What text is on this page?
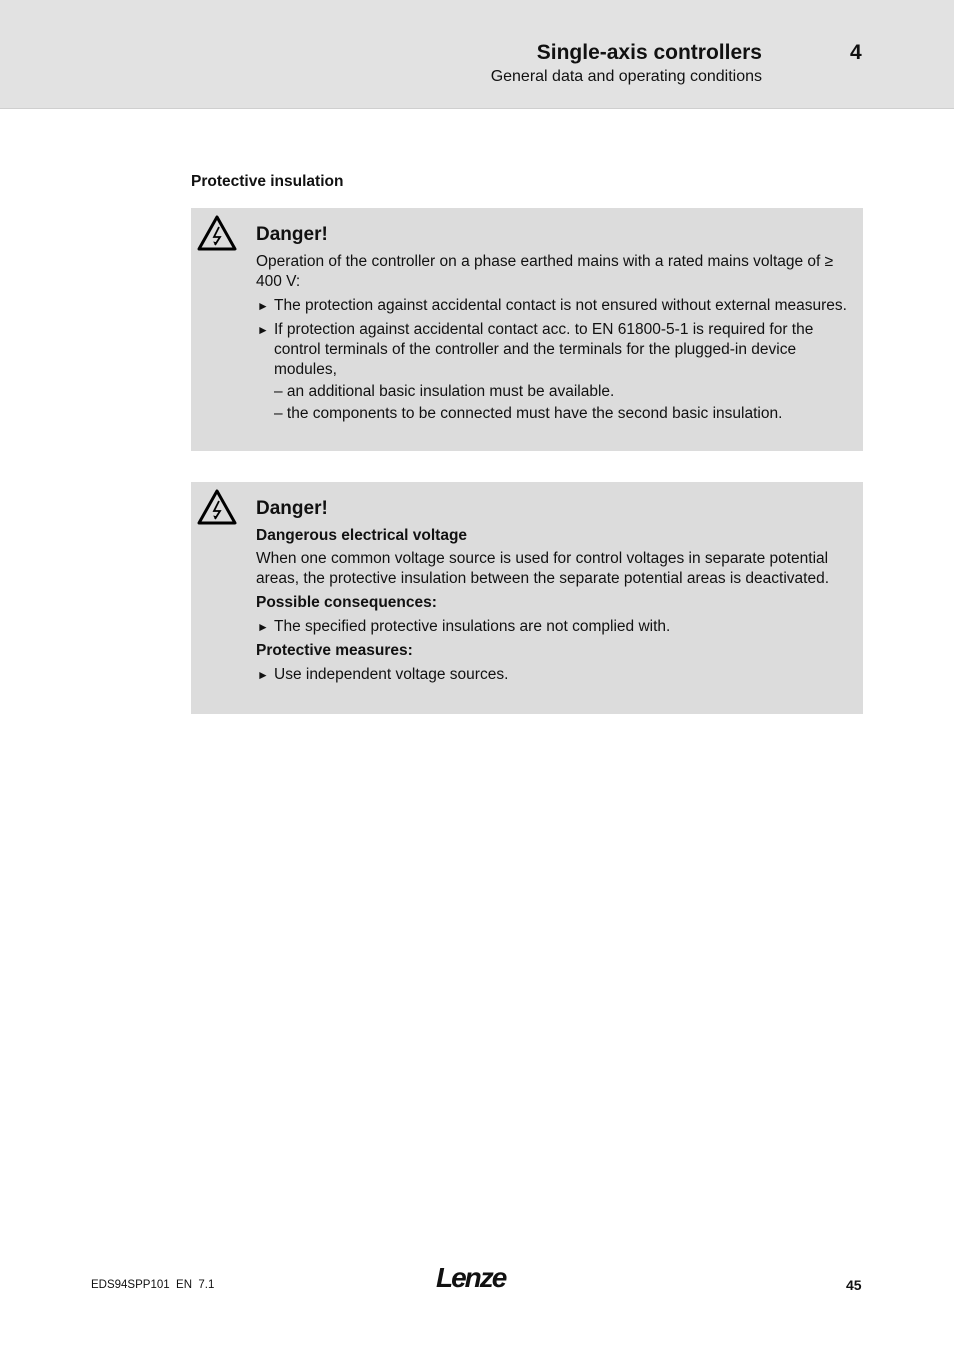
Single-axis controllers
General data and operating conditions
4
Protective insulation
Danger!

Operation of the controller on a phase earthed mains with a rated mains voltage of ≥ 400 V:

► The protection against accidental contact is not ensured without external measures.
► If protection against accidental contact acc. to EN 61800-5-1 is required for the control terminals of the controller and the terminals for the plugged-in device modules,
– an additional basic insulation must be available.
– the components to be connected must have the second basic insulation.
Danger!

Dangerous electrical voltage

When one common voltage source is used for control voltages in separate potential areas, the protective insulation between the separate potential areas is deactivated.

Possible consequences:

► The specified protective insulations are not complied with.

Protective measures:

► Use independent voltage sources.
EDS94SPP101  EN  7.1	Lenze	45
